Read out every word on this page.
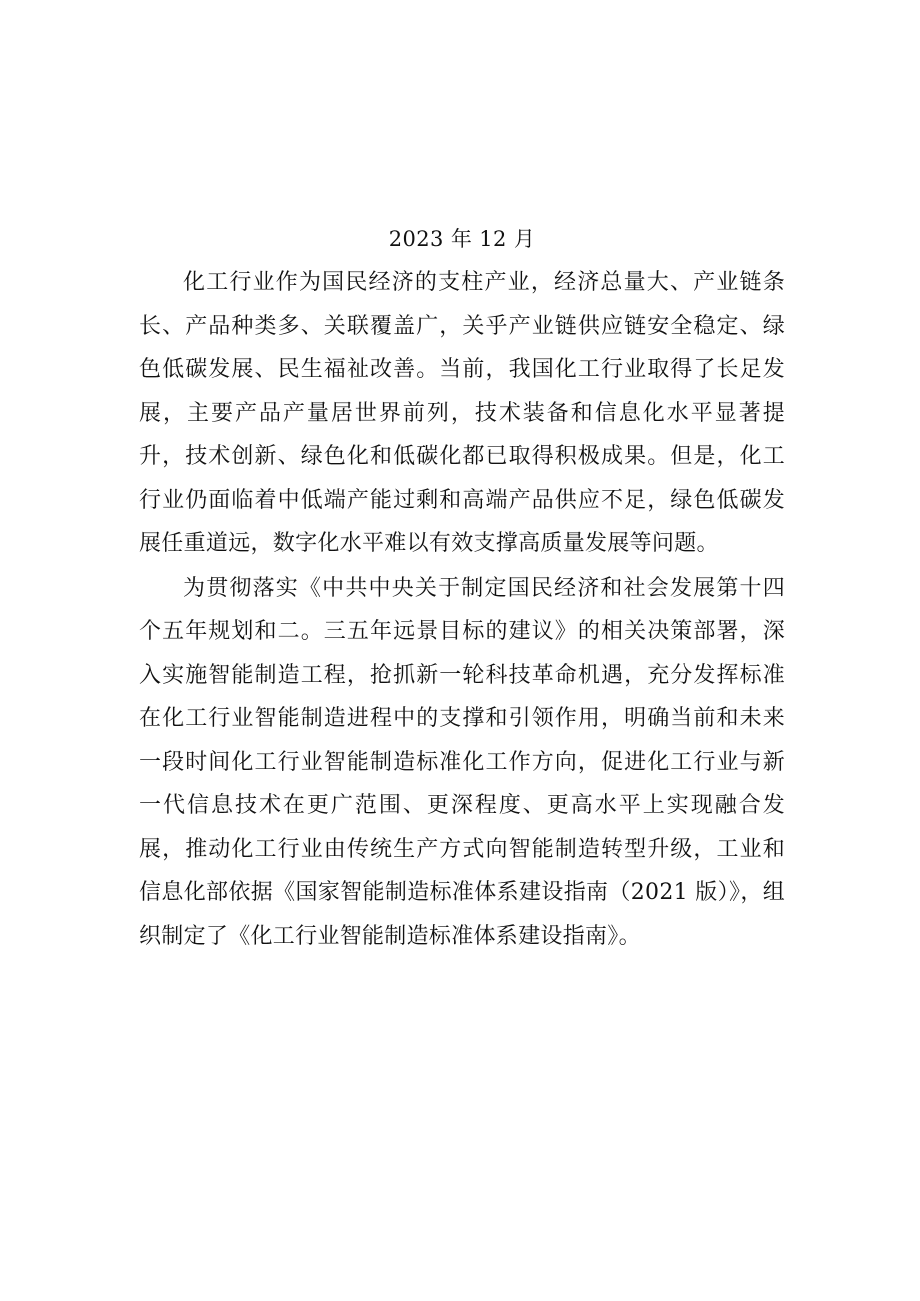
2023 年 12 月

化工行业作为国民经济的支柱产业，经济总量大、产业链条长、产品种类多、关联覆盖广，关乎产业链供应链安全稳定、绿色低碳发展、民生福祉改善。当前，我国化工行业取得了长足发展，主要产品产量居世界前列，技术装备和信息化水平显著提升，技术创新、绿色化和低碳化都已取得积极成果。但是，化工行业仍面临着中低端产能过剩和高端产品供应不足，绿色低碳发展任重道远，数字化水平难以有效支撑高质量发展等问题。

为贯彻落实《中共中央关于制定国民经济和社会发展第十四个五年规划和二。三五年远景目标的建议》的相关决策部署，深入实施智能制造工程，抢抓新一轮科技革命机遇，充分发挥标准在化工行业智能制造进程中的支撑和引领作用，明确当前和未来一段时间化工行业智能制造标准化工作方向，促进化工行业与新一代信息技术在更广范围、更深程度、更高水平上实现融合发展，推动化工行业由传统生产方式向智能制造转型升级，工业和信息化部依据《国家智能制造标准体系建设指南（2021 版）》，组织制定了《化工行业智能制造标准体系建设指南》。
